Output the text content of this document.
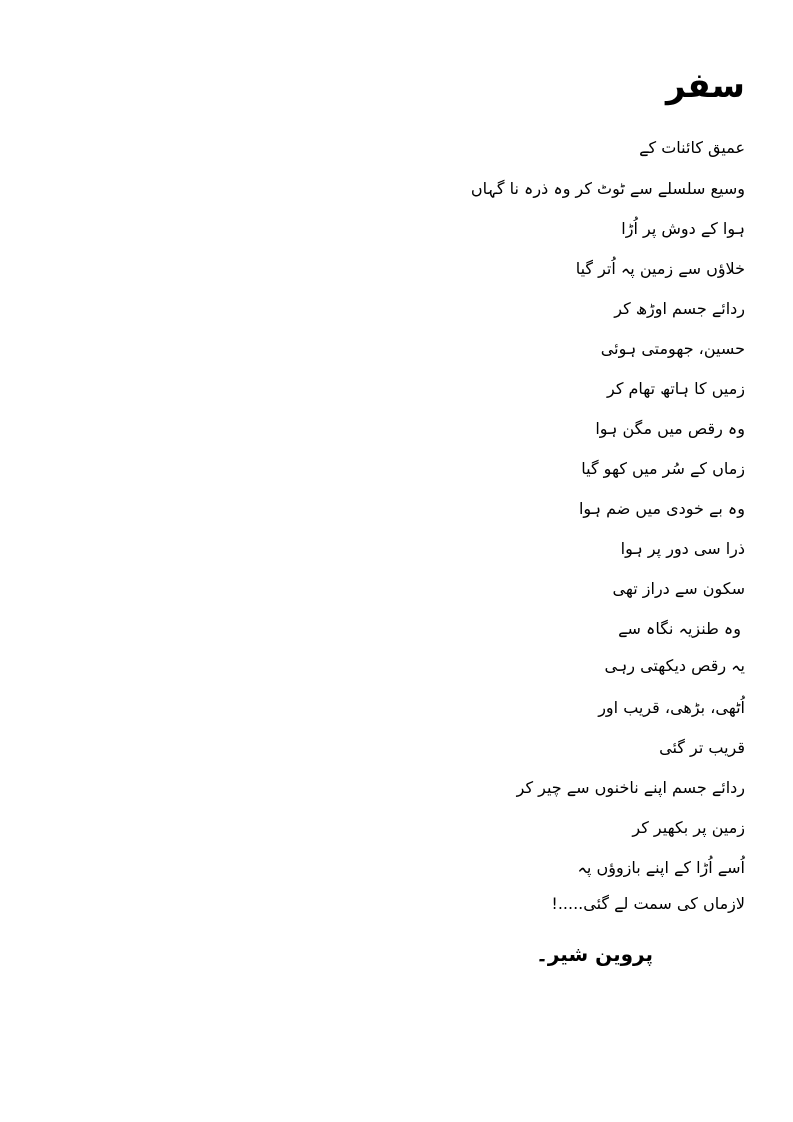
سفر
عمیق کائنات کے
وسیع سلسلے سے ٹوٹ کر وہ ذرہ نا گہاں
ہوا کے دوش پر اُڑا
خلاؤں سے زمین پہ اُتر گیا
ردائے جسم اوڑھ کر
حسین، جھومتی ہوئی
زمیں کا ہاتھ تھام کر
وہ رقص میں مگن ہوا
زماں کے سُر میں کھو گیا
وہ بے خودی میں ضم ہوا
ذرا سی دور پر ہوا
سکون سے دراز تھی
وہ طنزیہ نگاہ سے
یہ رقص دیکھتی رہی
اُٹھی، بڑھی، قریب اور
قریب تر گئی
ردائے جسم اپنے ناخنوں سے چیر کر
زمین پر بکھیر کر
اُسے اُڑا کے اپنے بازوؤں پہ
لازماں کی سمت لے گئی.....!
پروین شیر۔
